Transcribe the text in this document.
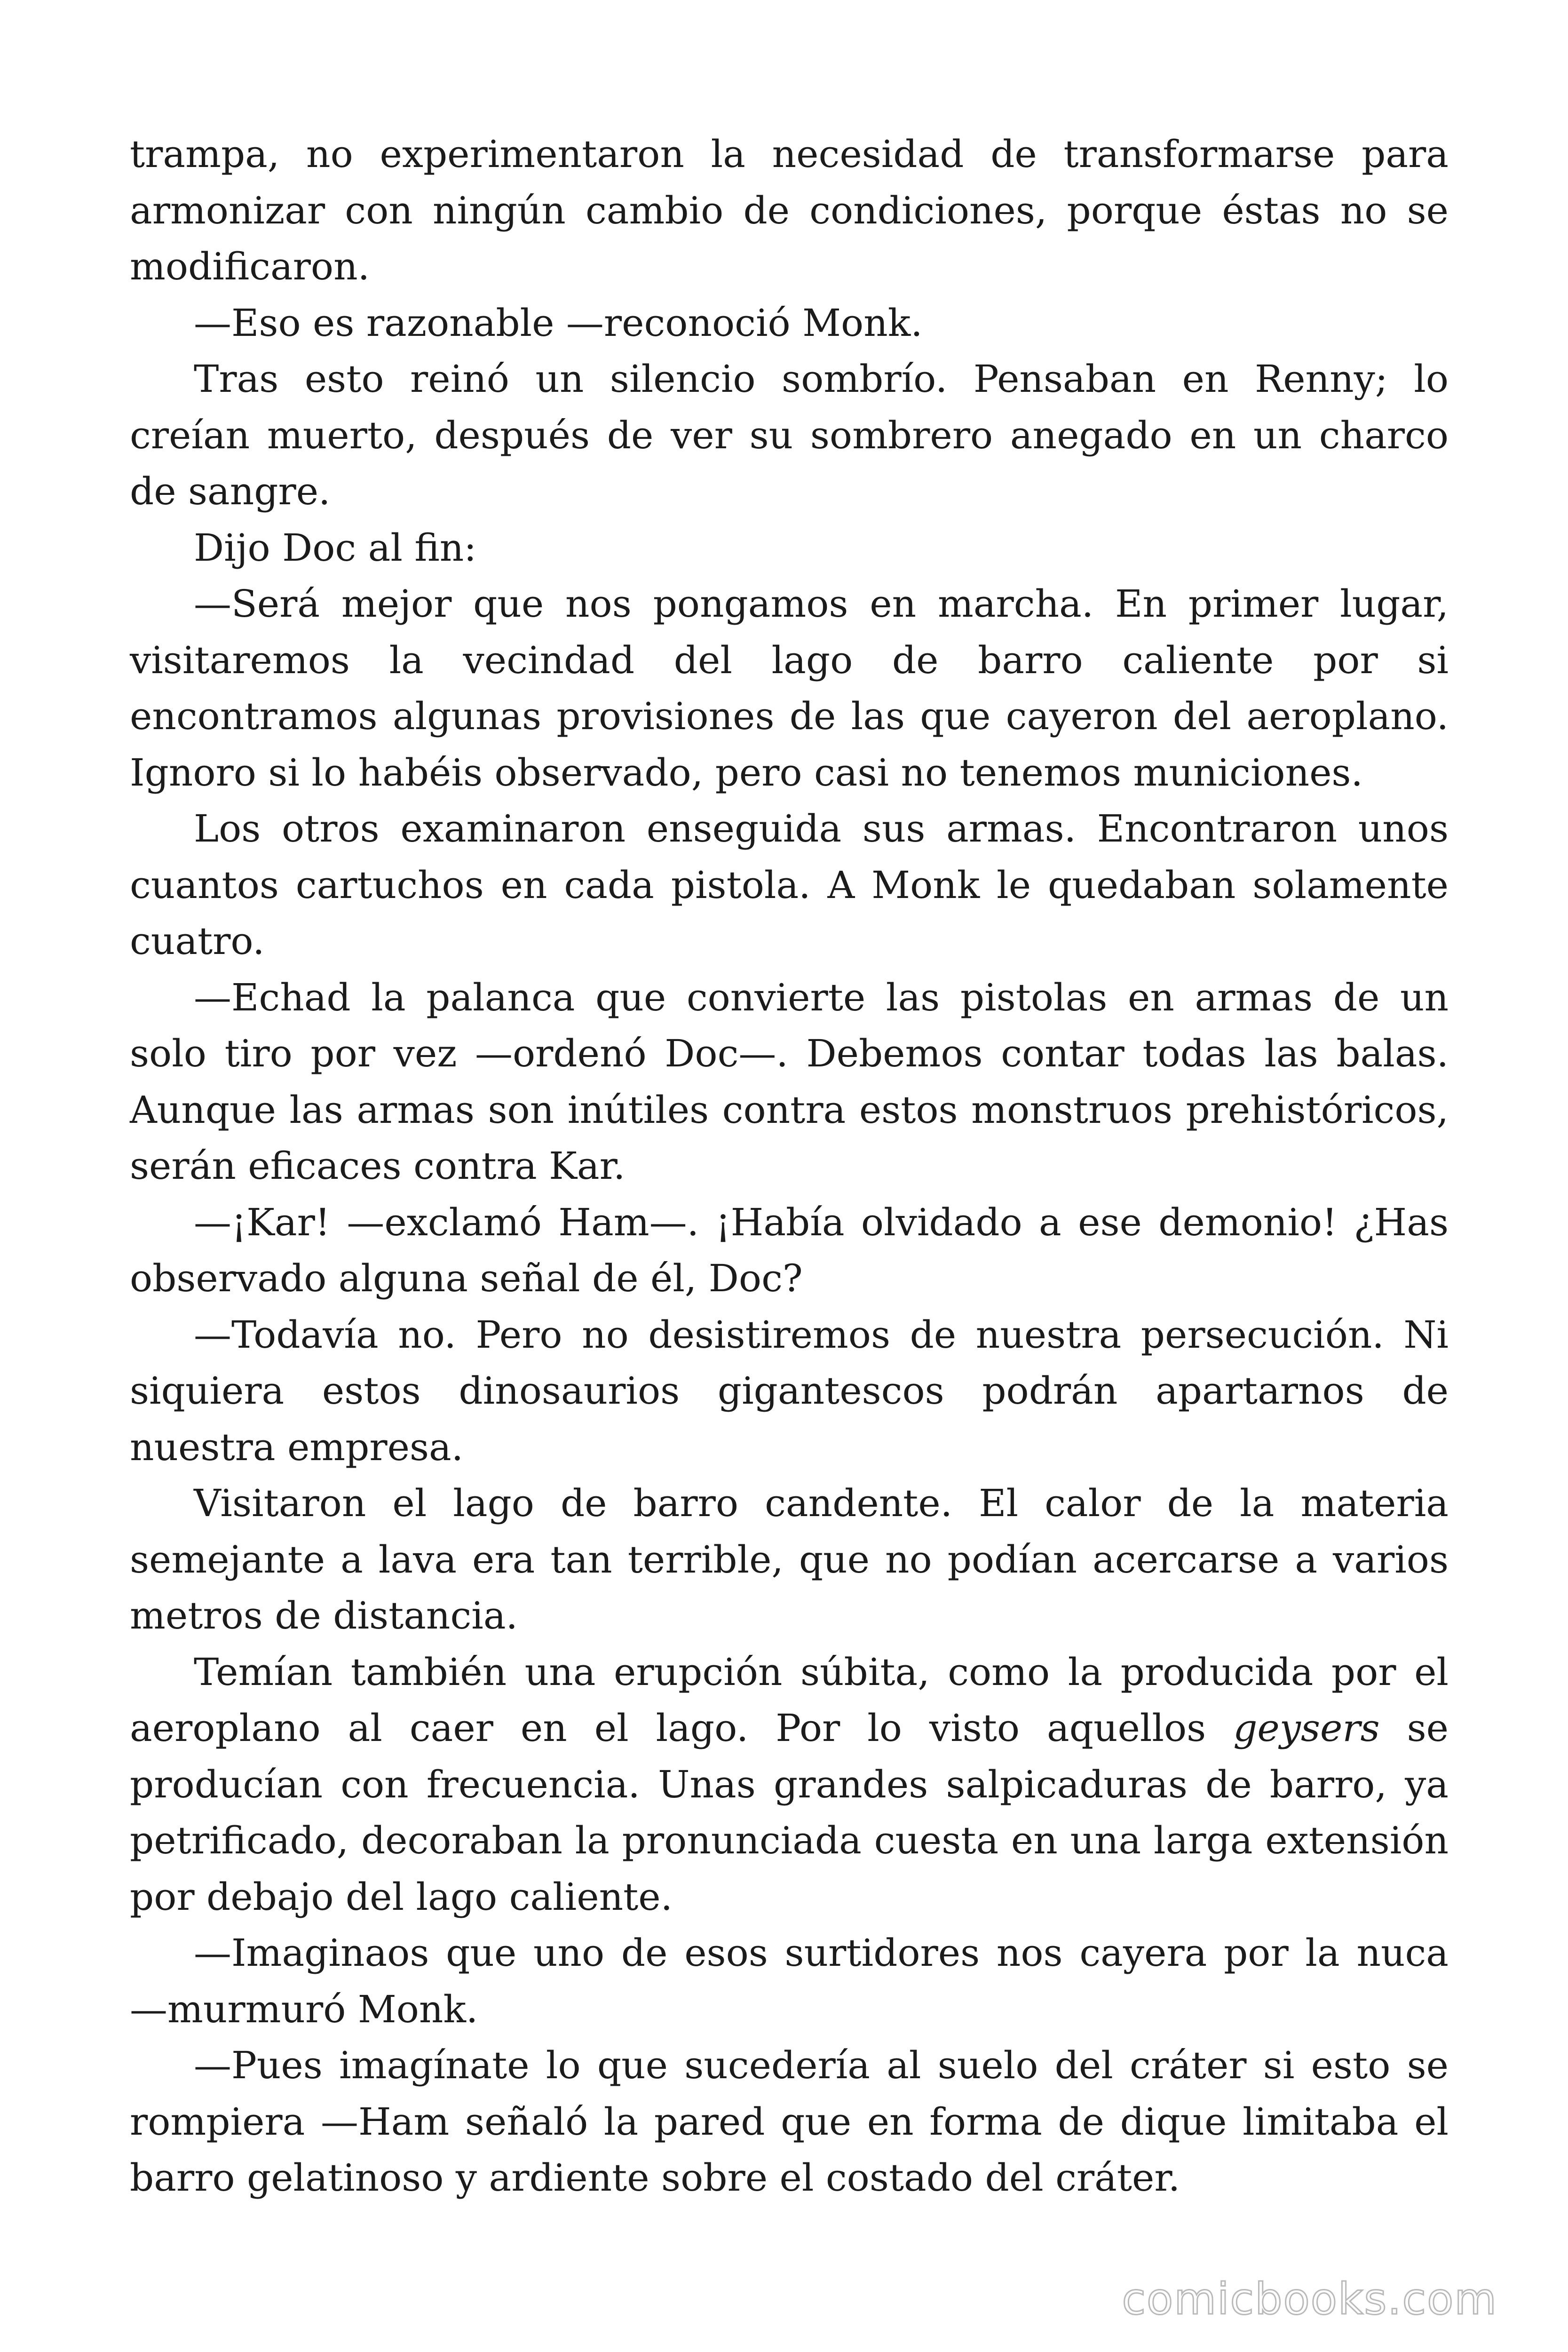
trampa, no experimentaron la necesidad de transformarse para armonizar con ningún cambio de condiciones, porque éstas no se modificaron.

—Eso es razonable —reconoció Monk.

Tras esto reinó un silencio sombrío. Pensaban en Renny; lo creían muerto, después de ver su sombrero anegado en un charco de sangre.

Dijo Doc al fin:

—Será mejor que nos pongamos en marcha. En primer lugar, visitaremos la vecindad del lago de barro caliente por si encontramos algunas provisiones de las que cayeron del aeroplano. Ignoro si lo habéis observado, pero casi no tenemos municiones.

Los otros examinaron enseguida sus armas. Encontraron unos cuantos cartuchos en cada pistola. A Monk le quedaban solamente cuatro.

—Echad la palanca que convierte las pistolas en armas de un solo tiro por vez —ordenó Doc—. Debemos contar todas las balas. Aunque las armas son inútiles contra estos monstruos prehistóricos, serán eficaces contra Kar.

—¡Kar! —exclamó Ham—. ¡Había olvidado a ese demonio! ¿Has observado alguna señal de él, Doc?

—Todavía no. Pero no desistiremos de nuestra persecución. Ni siquiera estos dinosaurios gigantescos podrán apartarnos de nuestra empresa.

Visitaron el lago de barro candente. El calor de la materia semejante a lava era tan terrible, que no podían acercarse a varios metros de distancia.

Temían también una erupción súbita, como la producida por el aeroplano al caer en el lago. Por lo visto aquellos geysers se producían con frecuencia. Unas grandes salpicaduras de barro, ya petrificado, decoraban la pronunciada cuesta en una larga extensión por debajo del lago caliente.

—Imaginaos que uno de esos surtidores nos cayera por la nuca —murmuró Monk.

—Pues imagínate lo que sucedería al suelo del cráter si esto se rompiera —Ham señaló la pared que en forma de dique limitaba el barro gelatinoso y ardiente sobre el costado del cráter.

comicbooks.com
